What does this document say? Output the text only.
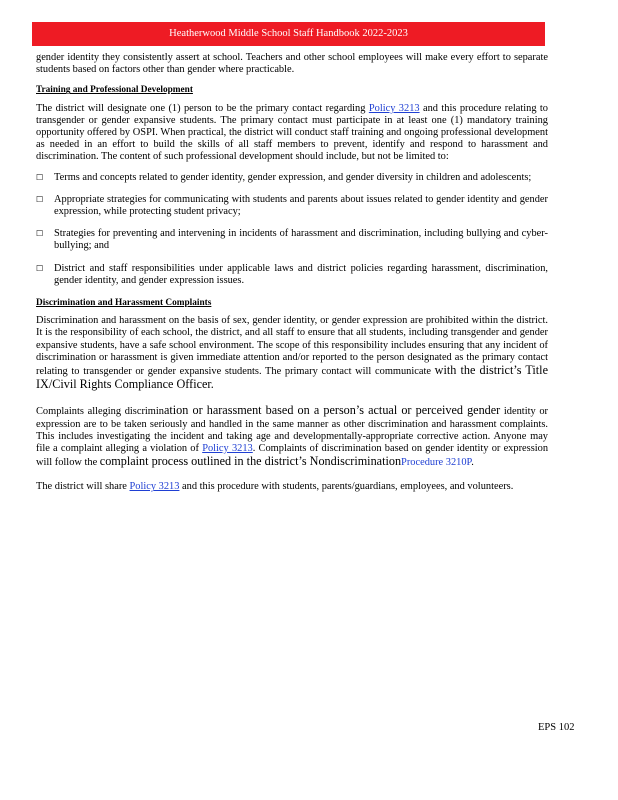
Heatherwood Middle School Staff Handbook 2022-2023

gender identity they consistently assert at school. Teachers and other school employees will make every effort to separate students based on factors other than gender where practicable.

Training and Professional Development

The district will designate one (1) person to be the primary contact regarding Policy 3213 and this procedure relating to transgender or gender expansive students. The primary contact must participate in at least one (1) mandatory training opportunity offered by OSPI. When practical, the district will conduct staff training and ongoing professional development as needed in an effort to build the skills of all staff members to prevent, identify and respond to harassment and discrimination. The content of such professional development should include, but not be limited to:

☐ Terms and concepts related to gender identity, gender expression, and gender diversity in children and adolescents;
☐ Appropriate strategies for communicating with students and parents about issues related to gender identity and gender expression, while protecting student privacy;
☐ Strategies for preventing and intervening in incidents of harassment and discrimination, including bullying and cyber-bullying; and
☐ District and staff responsibilities under applicable laws and district policies regarding harassment, discrimination, gender identity, and gender expression issues.

Discrimination and Harassment Complaints

Discrimination and harassment on the basis of sex, gender identity, or gender expression are prohibited within the district. It is the responsibility of each school, the district, and all staff to ensure that all students, including transgender and gender expansive students, have a safe school environment. The scope of this responsibility includes ensuring that any incident of discrimination or harassment is given immediate attention and/or reported to the person designated as the primary contact relating to transgender or gender expansive students. The primary contact will communicate with the district’s Title IX/Civil Rights Compliance Officer.

Complaints alleging discrimination or harassment based on a person’s actual or perceived gender identity or expression are to be taken seriously and handled in the same manner as other discrimination and harassment complaints. This includes investigating the incident and taking age and developmentally-appropriate corrective action. Anyone may file a complaint alleging a violation of Policy 3213. Complaints of discrimination based on gender identity or expression will follow the complaint process outlined in the district’s NondiscriminationProcedure 3210P.

The district will share Policy 3213 and this procedure with students, parents/guardians, employees, and volunteers.

EPS 102
